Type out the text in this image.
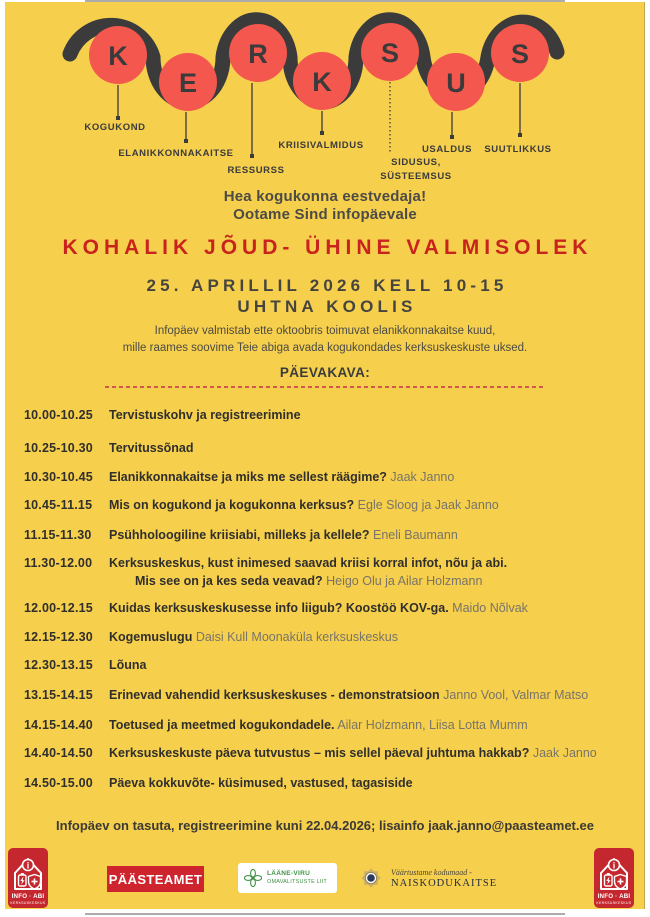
K
E
R
K
S
U
S
KOGUKOND
ELANIKKONNAKAITSE
RESSURSS
KRIISIVALMIDUS
SIDUSUS,
SÜSTEEMSUS
USALDUS SUUTLIKKUS
Hea kogukonna eestvedaja!
Ootame Sind infopäevale
KOHALIK JÕUD- ÜHINE VALMISOLEK
25. APRILLIL 2026 KELL 10-15
UHTNA KOOLIS
Infopäev valmistab ette oktoobris toimuvat elanikkonnakaitse kuud,
mille raames soovime Teie abiga avada kogukondades kerksuskeskuste uksed.
PÄEVAKAVA:
10.00-10.25	Tervistuskohv ja registreerimine
10.25-10.30	Tervitussõnad
10.30-10.45	Elanikkonnakaitse ja miks me sellest räägime? Jaak Janno
10.45-11.15	Mis on kogukond ja kogukonna kerksus? Egle Sloog ja Jaak Janno
11.15-11.30	Psühholoogiline kriisiabi, milleks ja kellele? Eneli Baumann
11.30-12.00	Kerksuskeskus, kust inimesed saavad kriisi korral infot, nõu ja abi.
Mis see on ja kes seda veavad? Heigo Olu ja Ailar Holzmann
12.00-12.15	Kuidas kerksuskeskusesse info liigub? Koostöö KOV-ga. Maido Nõlvak
12.15-12.30	Kogemuslugu Daisi Kull Moonaküla kerksuskeskus
12.30-13.15	Lõuna
13.15-14.15	Erinevad vahendid kerksuskeskuses - demonstratsioon Janno Vool, Valmar Matso
14.15-14.40	Toetused ja meetmed kogukondadele. Ailar Holzmann, Liisa Lotta Mumm
14.40-14.50	Kerksuskeskuste päeva tutvustus – mis sellel päeval juhtuma hakkab? Jaak Janno
14.50-15.00	Päeva kokkuvõte- küsimused, vastused, tagasiside
Infopäev on tasuta, registreerimine kuni 22.04.2026; lisainfo jaak.janno@paasteamet.ee
i
INFO · ABI
KERKSUSKESKUS
PÄÄSTEAMET	LÄÄNE-VIRU
OMAVALITSUSTE LIIT
Väärtustame kodumaad -
NAISKODUKAITSE
i
INFO · ABI
KERKSUSKESKUS
